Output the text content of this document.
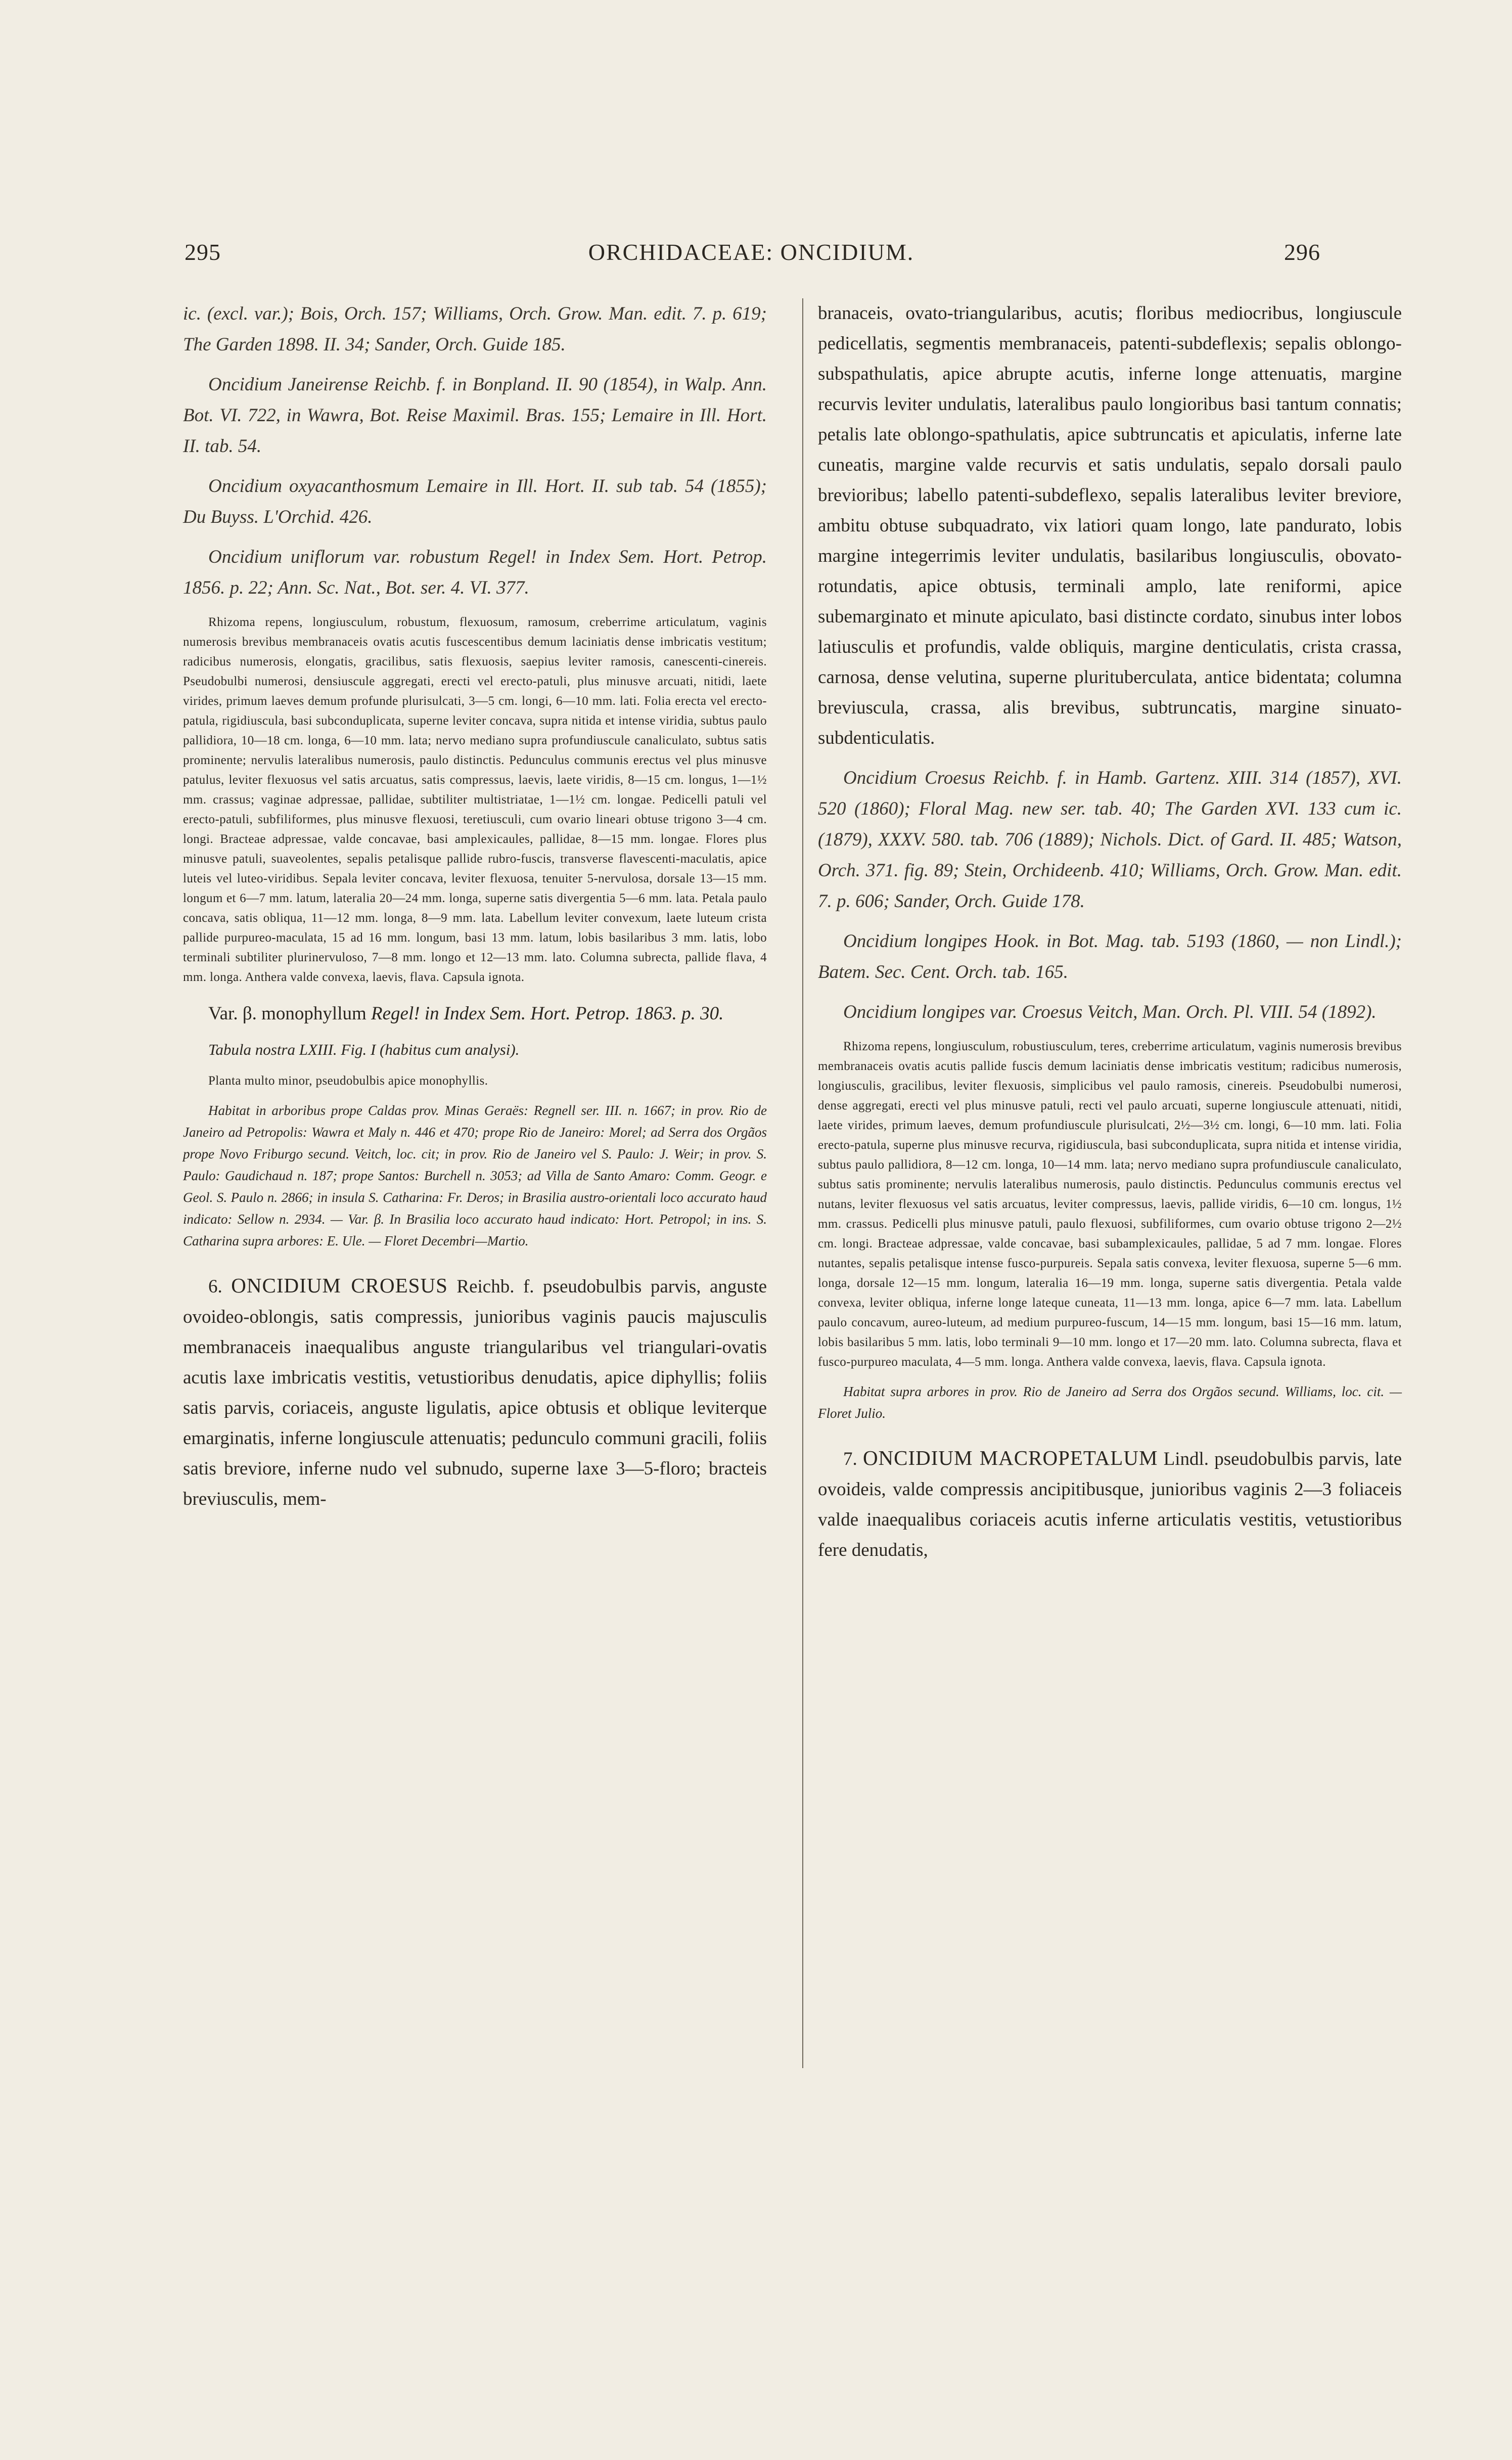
295	ORCHIDACEAE: ONCIDIUM.	296

ic. (excl. var.); Bois, Orch. 157; Williams, Orch. Grow. Man. edit. 7. p. 619; The Garden 1898. II. 34; Sander, Orch. Guide 185.

Oncidium Janeirense Reichb. f. in Bonpland. II. 90 (1854), in Walp. Ann. Bot. VI. 722, in Wawra, Bot. Reise Maximil. Bras. 155; Lemaire in Ill. Hort. II. tab. 54.

Oncidium oxyacanthosmum Lemaire in Ill. Hort. II. sub tab. 54 (1855); Du Buyss. L'Orchid. 426.

Oncidium uniflorum var. robustum Regel! in Index Sem. Hort. Petrop. 1856. p. 22; Ann. Sc. Nat., Bot. ser. 4. VI. 377.

Rhizoma repens, longiusculum, robustum, flexuosum, ramosum, creberrime articulatum, vaginis numerosis brevibus membranaceis ovatis acutis fuscescentibus demum laciniatis dense imbricatis vestitum; radicibus numerosis, elongatis, gracilibus, satis flexuosis, saepius leviter ramosis, canescenti-cinereis. Pseudobulbi numerosi, densiuscule aggregati, erecti vel erecto-patuli, plus minusve arcuati, nitidi, laete virides, primum laeves demum profunde plurisulcati, 3—5 cm. longi, 6—10 mm. lati. Folia erecta vel erecto-patula, rigidiuscula, basi subconduplicata, superne leviter concava, supra nitida et intense viridia, subtus paulo pallidiora, 10—18 cm. longa, 6—10 mm. lata; nervo mediano supra profundiuscule canaliculato, subtus satis prominente; nervulis lateralibus numerosis, paulo distinctis. Pedunculus communis erectus vel plus minusve patulus, leviter flexuosus vel satis arcuatus, satis compressus, laevis, laete viridis, 8—15 cm. longus, 1—1½ mm. crassus; vaginae adpressae, pallidae, subtiliter multistriatae, 1—1½ cm. longae. Pedicelli patuli vel erecto-patuli, subfiliformes, plus minusve flexuosi, teretiusculi, cum ovario lineari obtuse trigono 3—4 cm. longi. Bracteae adpressae, valde concavae, basi amplexicaules, pallidae, 8—15 mm. longae. Flores plus minusve patuli, suaveolentes, sepalis petalisque pallide rubro-fuscis, transverse flavescenti-maculatis, apice luteis vel luteo-viridibus. Sepala leviter concava, leviter flexuosa, tenuiter 5-nervulosa, dorsale 13—15 mm. longum et 6—7 mm. latum, lateralia 20—24 mm. longa, superne satis divergentia 5—6 mm. lata. Petala paulo concava, satis obliqua, 11—12 mm. longa, 8—9 mm. lata. Labellum leviter convexum, laete luteum crista pallide purpureo-maculata, 15 ad 16 mm. longum, basi 13 mm. latum, lobis basilaribus 3 mm. latis, lobo terminali subtiliter plurinervuloso, 7—8 mm. longo et 12—13 mm. lato. Columna subrecta, pallide flava, 4 mm. longa. Anthera valde convexa, laevis, flava. Capsula ignota.

Var. β. monophyllum Regel! in Index Sem. Hort. Petrop. 1863. p. 30.

Tabula nostra LXIII. Fig. I (habitus cum analysi).

Planta multo minor, pseudobulbis apice monophyllis.

Habitat in arboribus prope Caldas prov. Minas Geraës: Regnell ser. III. n. 1667; in prov. Rio de Janeiro ad Petropolis: Wawra et Maly n. 446 et 470; prope Rio de Janeiro: Morel; ad Serra dos Orgãos prope Novo Friburgo secund. Veitch, loc. cit; in prov. Rio de Janeiro vel S. Paulo: J. Weir; in prov. S. Paulo: Gaudichaud n. 187; prope Santos: Burchell n. 3053; ad Villa de Santo Amaro: Comm. Geogr. e Geol. S. Paulo n. 2866; in insula S. Catharina: Fr. Deros; in Brasilia austro-orientali loco accurato haud indicato: Sellow n. 2934. — Var. β. In Brasilia loco accurato haud indicato: Hort. Petropol; in ins. S. Catharina supra arbores: E. Ule. — Floret Decembri—Martio.

6. ONCIDIUM CROESUS Reichb. f. pseudobulbis parvis, anguste ovoideo-oblongis, satis compressis, junioribus vaginis paucis majusculis membranaceis inaequalibus anguste triangularibus vel triangulari-ovatis acutis laxe imbricatis vestitis, vetustioribus denudatis, apice diphyllis; foliis satis parvis, coriaceis, anguste ligulatis, apice obtusis et oblique leviterque emarginatis, inferne longiuscule attenuatis; pedunculo communi gracili, foliis satis breviore, inferne nudo vel subnudo, superne laxe 3—5-floro; bracteis breviusculis, mem-

branaceis, ovato-triangularibus, acutis; floribus mediocribus, longiuscule pedicellatis, segmentis membranaceis, patenti-subdeflexis; sepalis oblongo-subspathulatis, apice abrupte acutis, inferne longe attenuatis, margine recurvis leviter undulatis, lateralibus paulo longioribus basi tantum connatis; petalis late oblongo-spathulatis, apice subtruncatis et apiculatis, inferne late cuneatis, margine valde recurvis et satis undulatis, sepalo dorsali paulo brevioribus; labello patenti-subdeflexo, sepalis lateralibus leviter breviore, ambitu obtuse subquadrato, vix latiori quam longo, late pandurato, lobis margine integerrimis leviter undulatis, basilaribus longiusculis, obovato-rotundatis, apice obtusis, terminali amplo, late reniformi, apice subemarginato et minute apiculato, basi distincte cordato, sinubus inter lobos latiusculis et profundis, valde obliquis, margine denticulatis, crista crassa, carnosa, dense velutina, superne plurituberculata, antice bidentata; columna breviuscula, crassa, alis brevibus, subtruncatis, margine sinuato-subdenticulatis.

Oncidium Croesus Reichb. f. in Hamb. Gartenz. XIII. 314 (1857), XVI. 520 (1860); Floral Mag. new ser. tab. 40; The Garden XVI. 133 cum ic. (1879), XXXV. 580. tab. 706 (1889); Nichols. Dict. of Gard. II. 485; Watson, Orch. 371. fig. 89; Stein, Orchideenb. 410; Williams, Orch. Grow. Man. edit. 7. p. 606; Sander, Orch. Guide 178.

Oncidium longipes Hook. in Bot. Mag. tab. 5193 (1860, — non Lindl.); Batem. Sec. Cent. Orch. tab. 165.

Oncidium longipes var. Croesus Veitch, Man. Orch. Pl. VIII. 54 (1892).

Rhizoma repens, longiusculum, robustiusculum, teres, creberrime articulatum, vaginis numerosis brevibus membranaceis ovatis acutis pallide fuscis demum laciniatis dense imbricatis vestitum; radicibus numerosis, longiusculis, gracilibus, leviter flexuosis, simplicibus vel paulo ramosis, cinereis. Pseudobulbi numerosi, dense aggregati, erecti vel plus minusve patuli, recti vel paulo arcuati, superne longiuscule attenuati, nitidi, laete virides, primum laeves, demum profundiuscule plurisulcati, 2½—3½ cm. longi, 6—10 mm. lati. Folia erecto-patula, superne plus minusve recurva, rigidiuscula, basi subconduplicata, supra nitida et intense viridia, subtus paulo pallidiora, 8—12 cm. longa, 10—14 mm. lata; nervo mediano supra profundiuscule canaliculato, subtus satis prominente; nervulis lateralibus numerosis, paulo distinctis. Pedunculus communis erectus vel nutans, leviter flexuosus vel satis arcuatus, leviter compressus, laevis, pallide viridis, 6—10 cm. longus, 1½ mm. crassus. Pedicelli plus minusve patuli, paulo flexuosi, subfiliformes, cum ovario obtuse trigono 2—2½ cm. longi. Bracteae adpressae, valde concavae, basi subamplexicaules, pallidae, 5 ad 7 mm. longae. Flores nutantes, sepalis petalisque intense fusco-purpureis. Sepala satis convexa, leviter flexuosa, superne 5—6 mm. longa, dorsale 12—15 mm. longum, lateralia 16—19 mm. longa, superne satis divergentia. Petala valde convexa, leviter obliqua, inferne longe lateque cuneata, 11—13 mm. longa, apice 6—7 mm. lata. Labellum paulo concavum, aureo-luteum, ad medium purpureo-fuscum, 14—15 mm. longum, basi 15—16 mm. latum, lobis basilaribus 5 mm. latis, lobo terminali 9—10 mm. longo et 17—20 mm. lato. Columna subrecta, flava et fusco-purpureo maculata, 4—5 mm. longa. Anthera valde convexa, laevis, flava. Capsula ignota.

Habitat supra arbores in prov. Rio de Janeiro ad Serra dos Orgãos secund. Williams, loc. cit. — Floret Julio.

7. ONCIDIUM MACROPETALUM Lindl. pseudobulbis parvis, late ovoideis, valde compressis ancipitibusque, junioribus vaginis 2—3 foliaceis valde inaequalibus coriaceis acutis inferne articulatis vestitis, vetustioribus fere denudatis,
